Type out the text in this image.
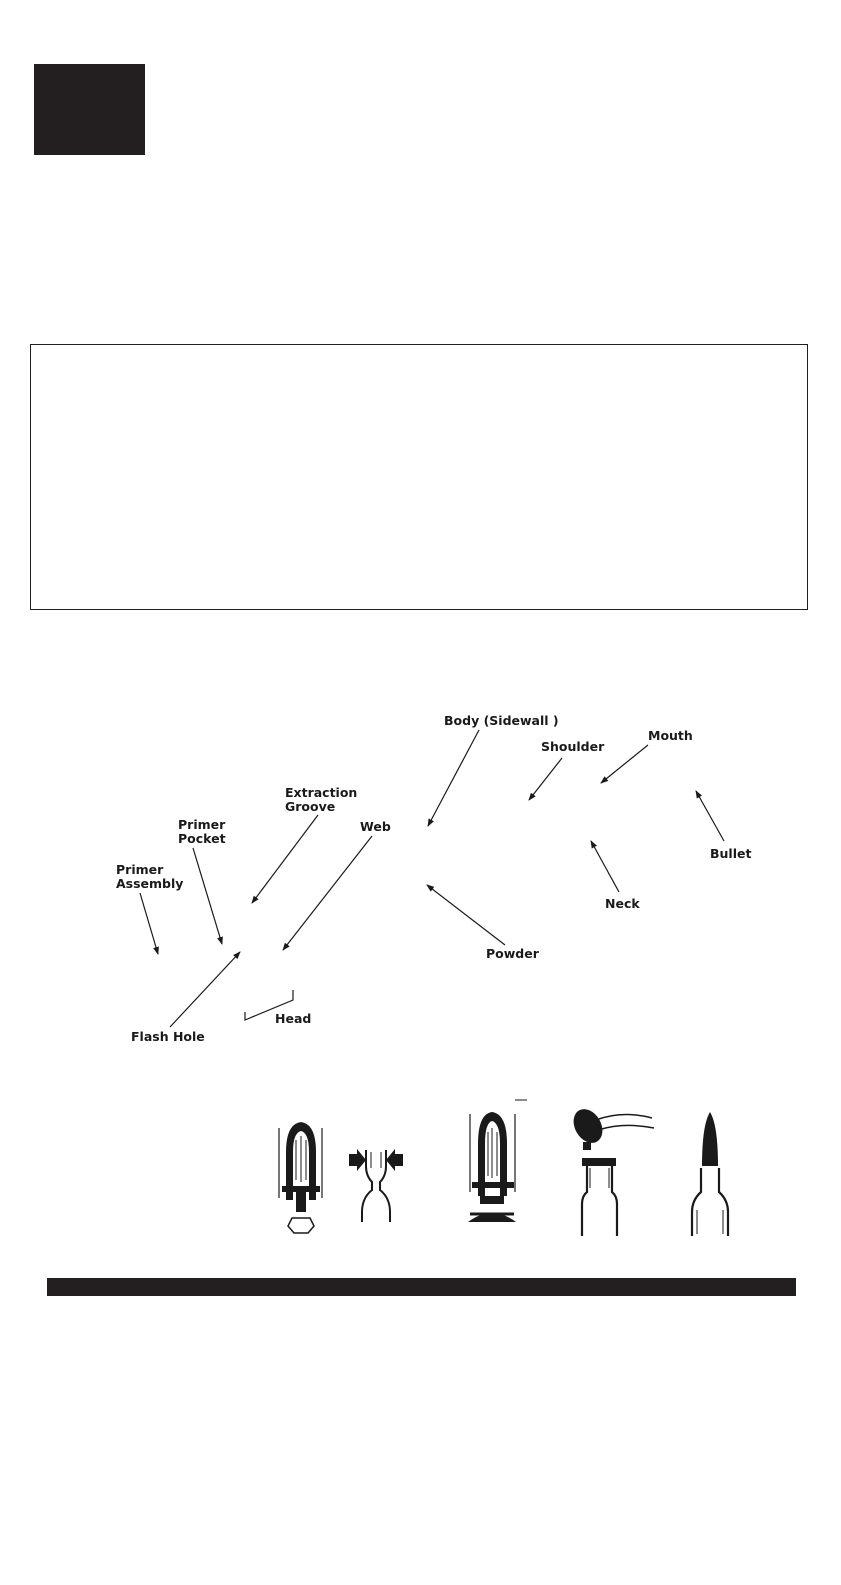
Body (Sidewall )
Shoulder
Mouth
Extraction
Groove
Web
Primer
Pocket
Bullet
Primer
Assembly
Neck
Powder
Head
Flash Hole
